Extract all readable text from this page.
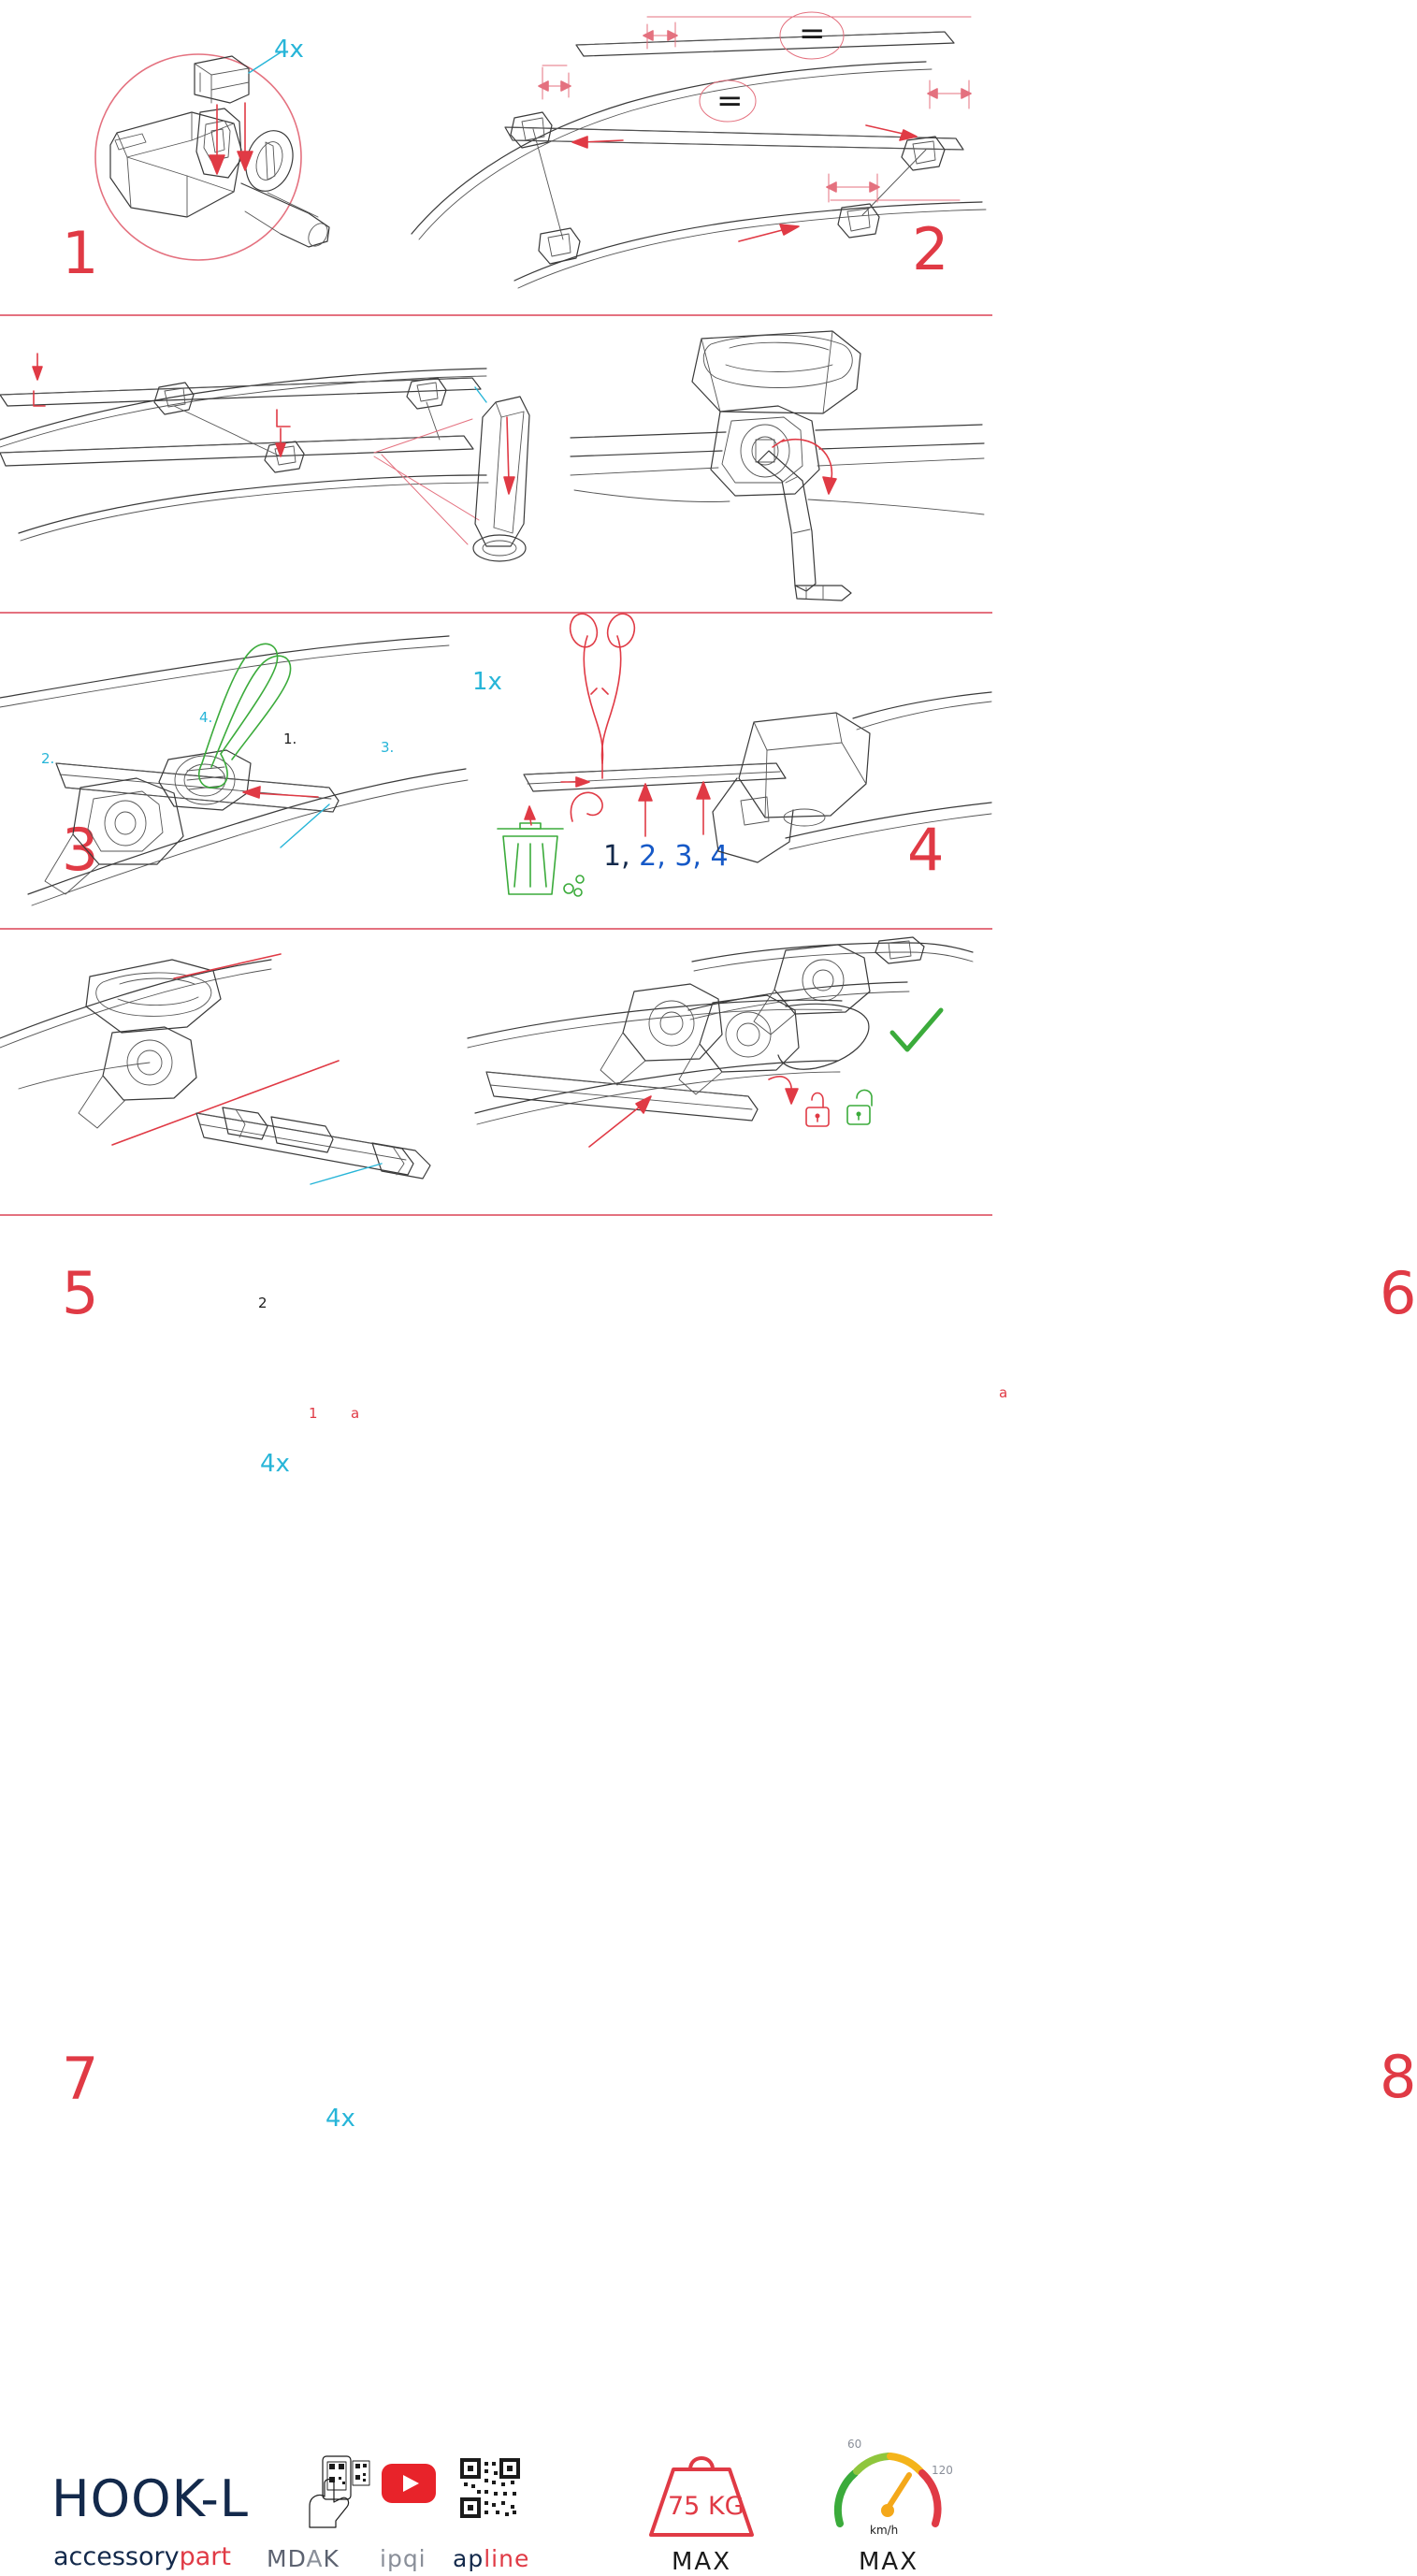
4x
1
=
=
2
1.
2.
3.
4.
1x
3	1, 2, 3, 4	4
5	2
1 a
4x
a
6
7
4x
8
HOOK-L
accessorypart MDAK ipqi apline
75 KG
MAX
60
120
km/h
MAX
